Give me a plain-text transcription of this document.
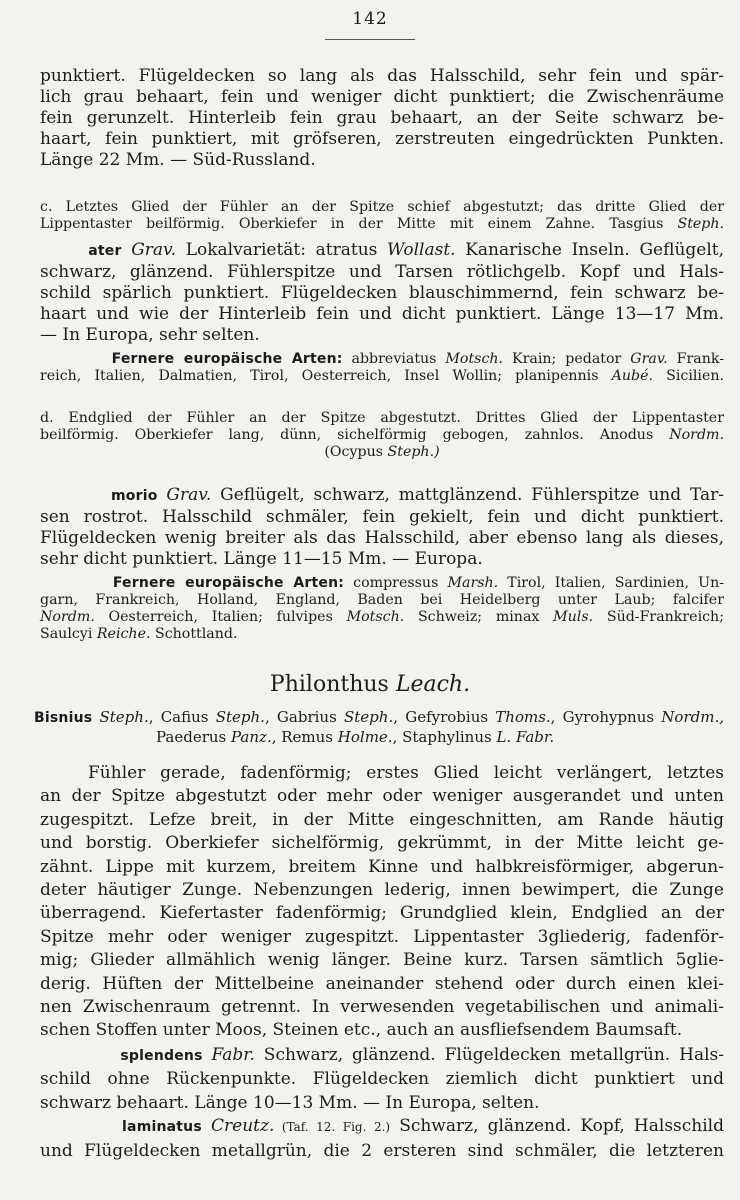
142
punktiert. Flügeldecken so lang als das Halsschild, sehr fein und spär-
lich grau behaart, fein und weniger dicht punktiert; die Zwischenräume
fein gerunzelt. Hinterleib fein grau behaart, an der Seite schwarz be-
haart, fein punktiert, mit gröfseren, zerstreuten eingedrückten Punkten.
Länge 22 Mm. — Süd-Russland.
c. Letztes Glied der Fühler an der Spitze schief abgestutzt; das dritte Glied der
Lippentaster beilförmig. Oberkiefer in der Mitte mit einem Zahne. Tasgius Steph.
ater Grav. Lokalvarietät: atratus Wollast. Kanarische Inseln. Geflügelt,
schwarz, glänzend. Fühlerspitze und Tarsen rötlichgelb. Kopf und Hals-
schild spärlich punktiert. Flügeldecken blauschimmernd, fein schwarz be-
haart und wie der Hinterleib fein und dicht punktiert. Länge 13—17 Mm.
— In Europa, sehr selten.
Fernere europäische Arten: abbreviatus Motsch. Krain; pedator Grav. Frank-
reich, Italien, Dalmatien, Tirol, Oesterreich, Insel Wollin; planipennis Aubé. Sicilien.
d. Endglied der Fühler an der Spitze abgestutzt. Drittes Glied der Lippentaster
beilförmig. Oberkiefer lang, dünn, sichelförmig gebogen, zahnlos. Anodus Nordm.
(Ocypus Steph.)
morio Grav. Geflügelt, schwarz, mattglänzend. Fühlerspitze und Tar-
sen rostrot. Halsschild schmäler, fein gekielt, fein und dicht punktiert.
Flügeldecken wenig breiter als das Halsschild, aber ebenso lang als dieses,
sehr dicht punktiert. Länge 11—15 Mm. — Europa.
Fernere europäische Arten: compressus Marsh. Tirol, Italien, Sardinien, Un-
garn, Frankreich, Holland, England, Baden bei Heidelberg unter Laub; falcifer
Nordm. Oesterreich, Italien; fulvipes Motsch. Schweiz; minax Muls. Süd-Frankreich;
Saulcyi Reiche. Schottland.
Philonthus Leach.
Bisnius Steph., Cafius Steph., Gabrius Steph., Gefyrobius Thoms., Gyrohypnus Nordm.,
Paederus Panz., Remus Holme., Staphylinus L. Fabr.
Fühler gerade, fadenförmig; erstes Glied leicht verlängert, letztes
an der Spitze abgestutzt oder mehr oder weniger ausgerandet und unten
zugespitzt. Lefze breit, in der Mitte eingeschnitten, am Rande häutig
und borstig. Oberkiefer sichelförmig, gekrümmt, in der Mitte leicht ge-
zähnt. Lippe mit kurzem, breitem Kinne und halbkreisförmiger, abgerun-
deter häutiger Zunge. Nebenzungen lederig, innen bewimpert, die Zunge
überragend. Kiefertaster fadenförmig; Grundglied klein, Endglied an der
Spitze mehr oder weniger zugespitzt. Lippentaster 3gliederig, fadenför-
mig; Glieder allmählich wenig länger. Beine kurz. Tarsen sämtlich 5glie-
derig. Hüften der Mittelbeine aneinander stehend oder durch einen klei-
nen Zwischenraum getrennt. In verwesenden vegetabilischen und animali-
schen Stoffen unter Moos, Steinen etc., auch an ausfliefsendem Baumsaft.
splendens Fabr. Schwarz, glänzend. Flügeldecken metallgrün. Hals-
schild ohne Rückenpunkte. Flügeldecken ziemlich dicht punktiert und
schwarz behaart. Länge 10—13 Mm. — In Europa, selten.
laminatus Creutz. (Taf. 12. Fig. 2.) Schwarz, glänzend. Kopf, Halsschild
und Flügeldecken metallgrün, die 2 ersteren sind schmäler, die letzteren
